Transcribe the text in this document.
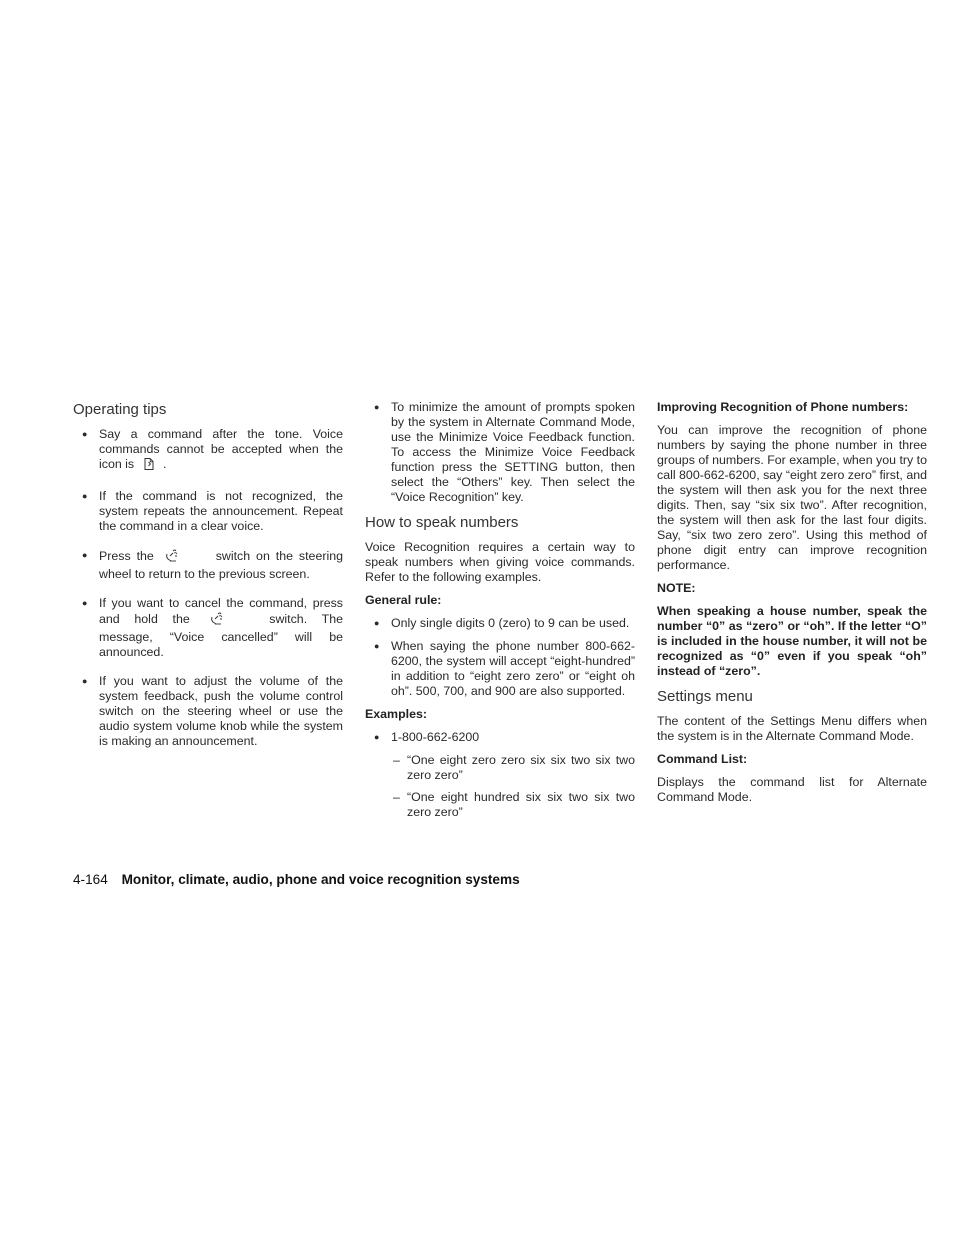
Operating tips
● Say a command after the tone. Voice commands cannot be accepted when the icon is .
● If the command is not recognized, the system repeats the announcement. Repeat the command in a clear voice.
● Press the	switch on the steering wheel to return to the previous screen.
● If you want to cancel the command, press and hold the	switch. The message, “Voice cancelled” will be announced.
● If you want to adjust the volume of the system feedback, push the volume control switch on the steering wheel or use the audio system volume knob while the system is making an announcement.
● To minimize the amount of prompts spoken by the system in Alternate Command Mode, use the Minimize Voice Feedback function. To access the Minimize Voice Feedback function press the SETTING button, then select the “Others” key. Then select the “Voice Recognition” key.
How to speak numbers

Voice Recognition requires a certain way to speak numbers when giving voice commands. Refer to the following examples.

General rule:
● Only single digits 0 (zero) to 9 can be used.
● When saying the phone number 800-662-6200, the system will accept “eight-hundred” in addition to “eight zero zero” or “eight oh oh”. 500, 700, and 900 are also supported.
Examples:
● 1-800-662-6200
– “One eight zero zero six six two six two zero zero”
– “One eight hundred six six two six two zero zero”
Improving Recognition of Phone numbers:

You can improve the recognition of phone numbers by saying the phone number in three groups of numbers. For example, when you try to call 800-662-6200, say “eight zero zero” first, and the system will then ask you for the next three digits. Then, say “six six two”. After recognition, the system will then ask for the last four digits. Say, “six two zero zero”. Using this method of phone digit entry can improve recognition performance.

NOTE:
When speaking a house number, speak the number “0” as “zero” or “oh”. If the letter “O” is included in the house number, it will not be recognized as “0” even if you speak “oh” instead of “zero”.
Settings menu

The content of the Settings Menu differs when the system is in the Alternate Command Mode.

Command List:

Displays the command list for Alternate Command Mode.

4-164 Monitor, climate, audio, phone and voice recognition systems
